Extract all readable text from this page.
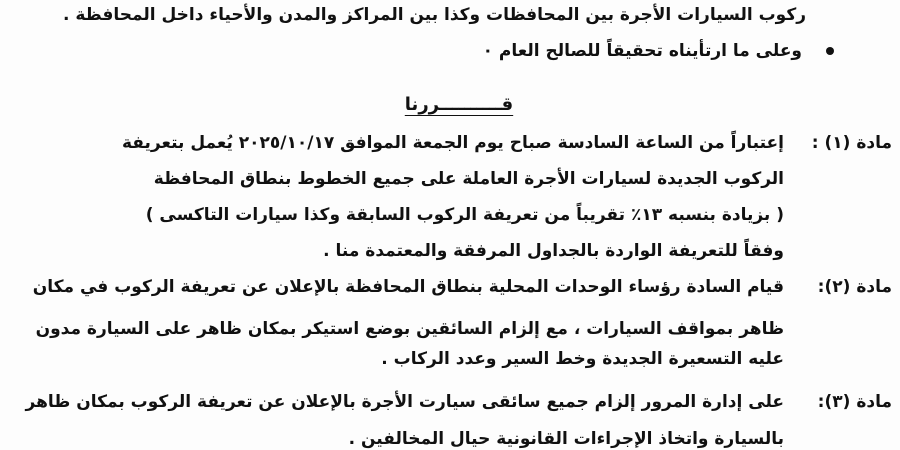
ركوب السيارات الأجرة بين المحافظات وكذا بين المراكز والمدن والأحياء داخل المحافظة .
وعلى ما ارتأيناه تحقيقاً للصالح العام ٠
قــــــــــررنا
مادة (١) :
إعتباراً من الساعة السادسة صباح يوم الجمعة الموافق ٢٠٢٥/١٠/١٧ يُعمل بتعريفة
الركوب الجديدة لسيارات الأجرة العاملة على جميع الخطوط بنطاق المحافظة
( بزيادة بنسبه ١٣٪ تقريباً من تعريفة الركوب السابقة وكذا سيارات التاكسى )
وفقاً للتعريفة الواردة بالجداول المرفقة والمعتمدة منا .
مادة (٢):
قيام السادة رؤساء الوحدات المحلية بنطاق المحافظة بالإعلان عن تعريفة الركوب في مكان
ظاهر بمواقف السيارات ، مع إلزام السائقين بوضع استيكر بمكان ظاهر على السيارة مدون
عليه التسعيرة الجديدة وخط السير وعدد الركاب .
مادة (٣):
على إدارة المرور إلزام جميع سائقى سيارت الأجرة بالإعلان عن تعريفة الركوب بمكان ظاهر
بالسيارة واتخاذ الإجراءات القانونية حيال المخالفين .
